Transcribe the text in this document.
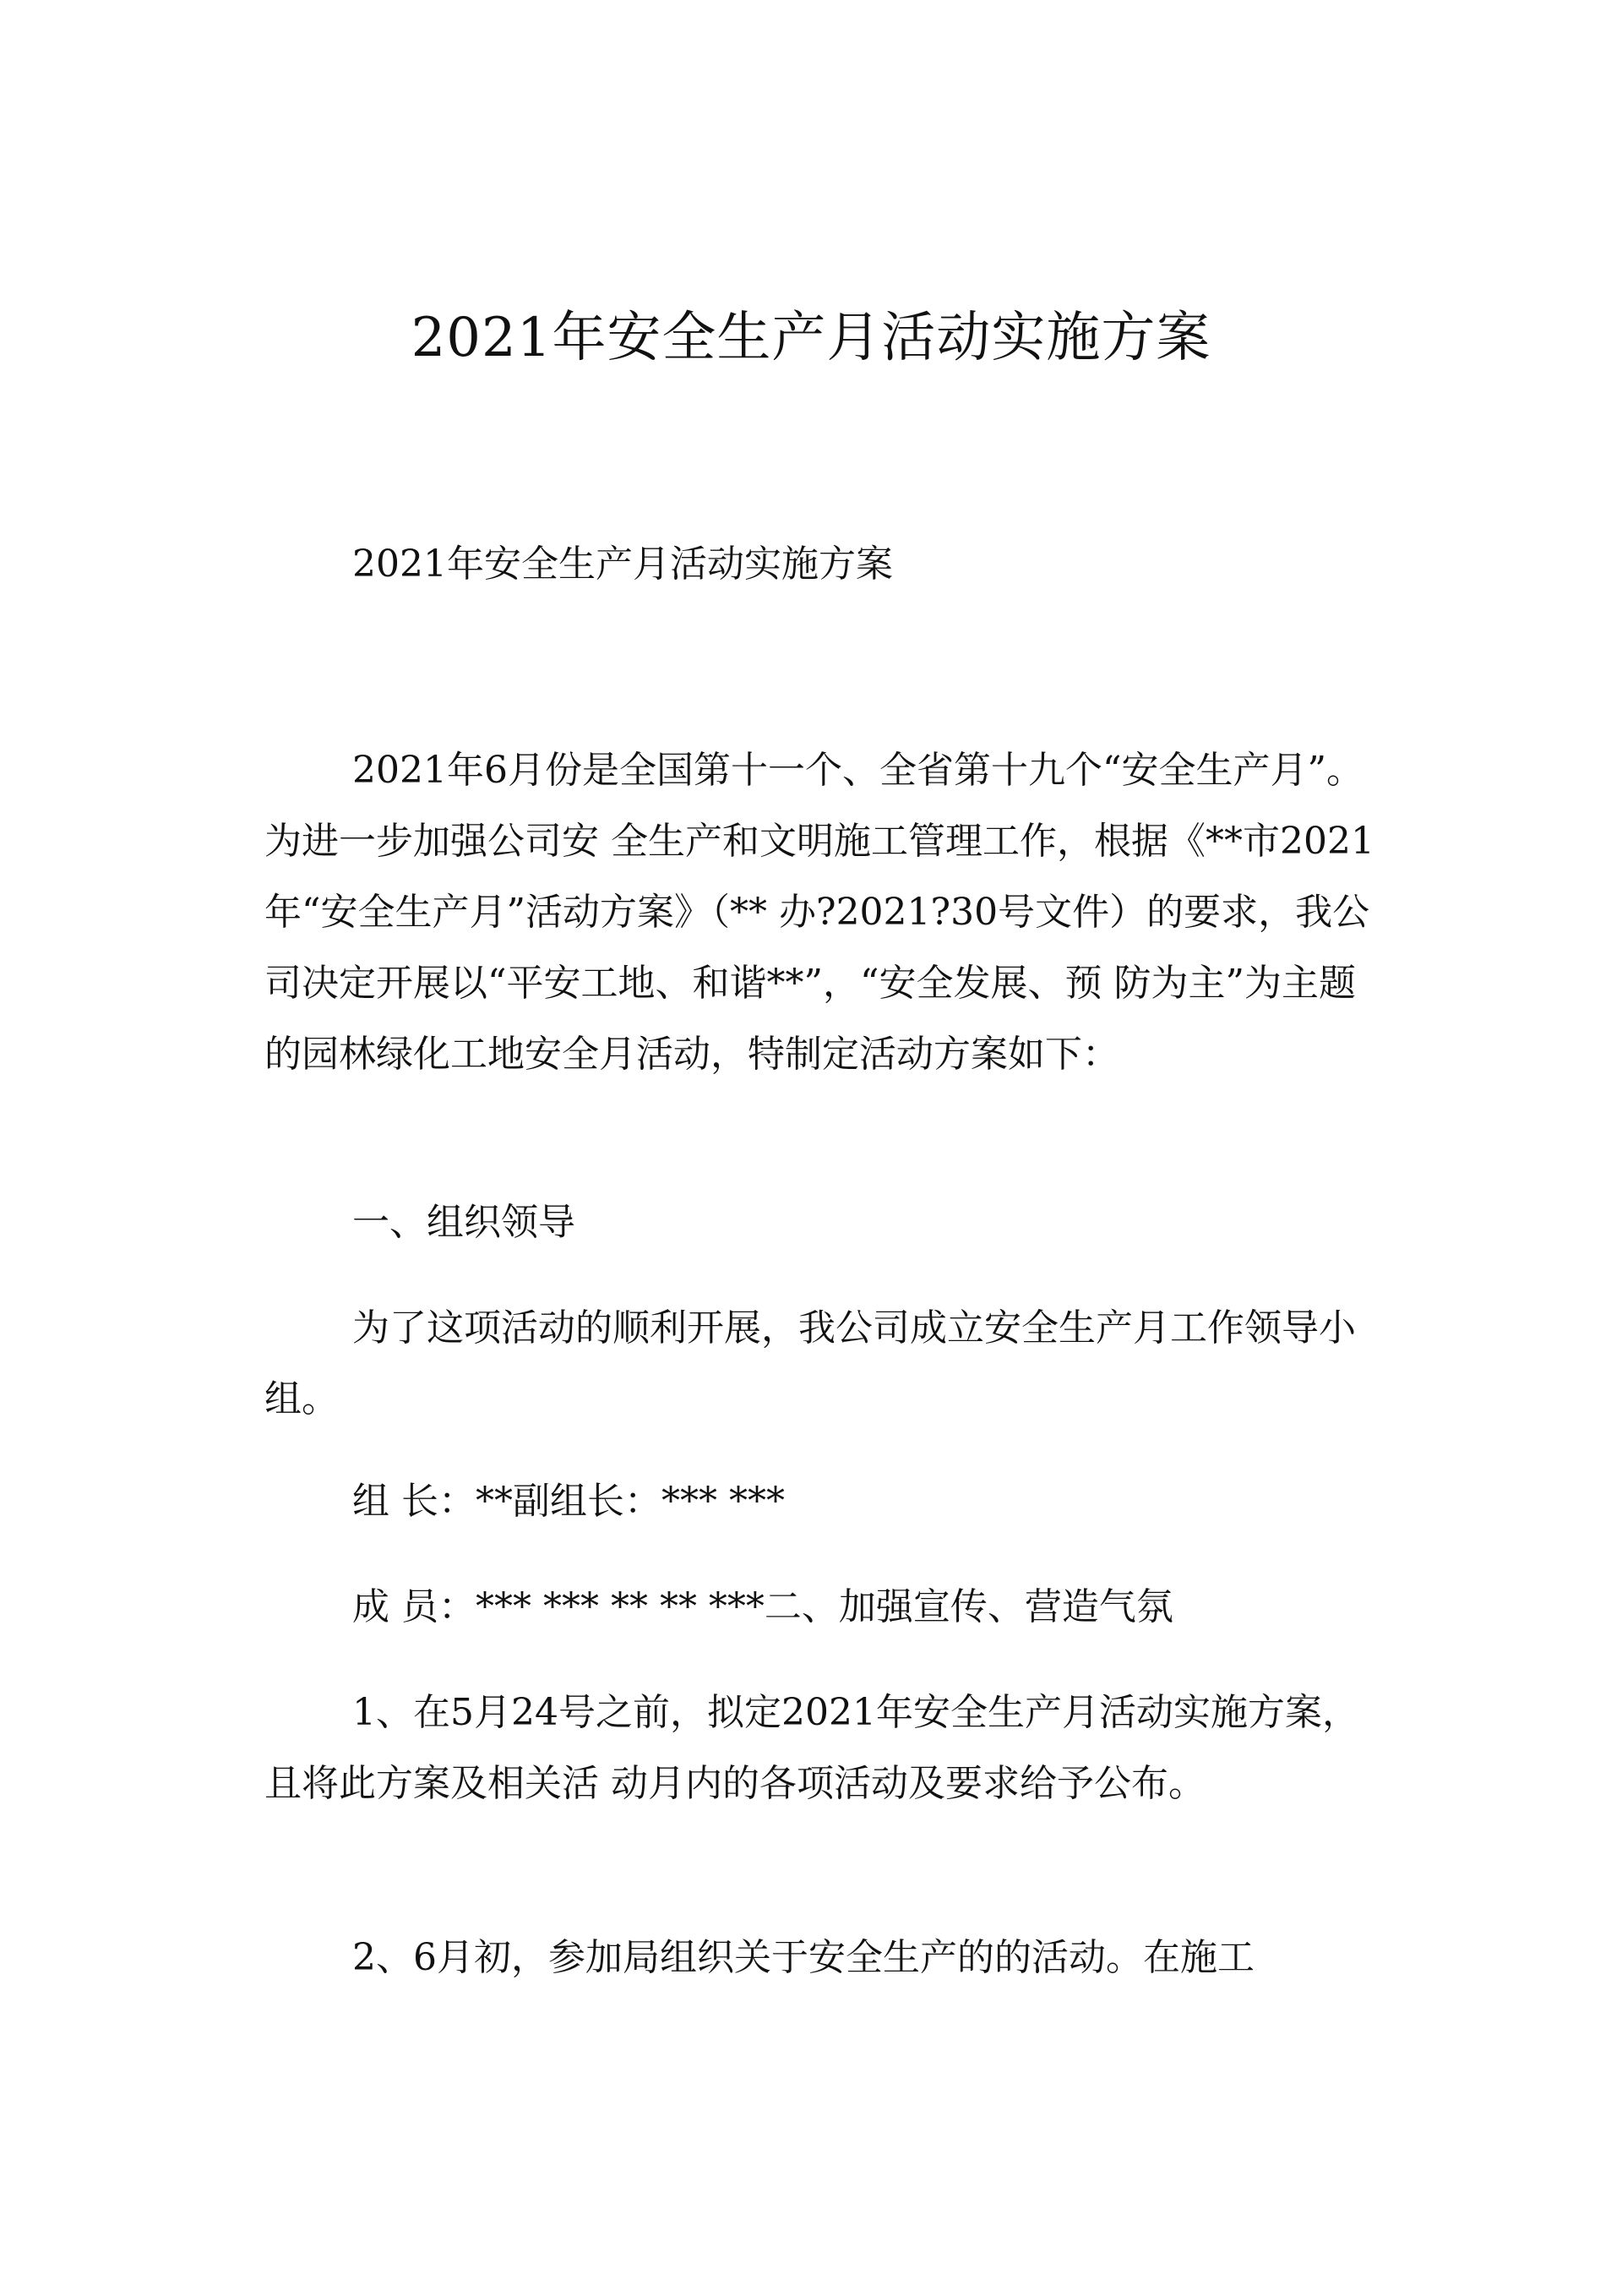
2021年安全生产月活动实施方案

2021年安全生产月活动实施方案

2021年6月份是全国第十一个、全省第十九个“安全生产月”。为进一步加强公司安 全生产和文明施工管理工作，根据《**市2021年“安全生产月”活动方案》（** 办?2021?30号文件）的要求，我公司决定开展以“平安工地、和谐**”，“安全发展、预 防为主”为主题的园林绿化工地安全月活动，特制定活动方案如下：

一、组织领导

为了这项活动的顺利开展，我公司成立安全生产月工作领导小组。

组 长：**副组长：*** ***

成 员：*** *** ** ** ***二、加强宣传、营造气氛

1、在5月24号之前，拟定2021年安全生产月活动实施方案，且将此方案及相关活 动月内的各项活动及要求给予公布。

2、6月初，参加局组织关于安全生产的的活动。在施工
